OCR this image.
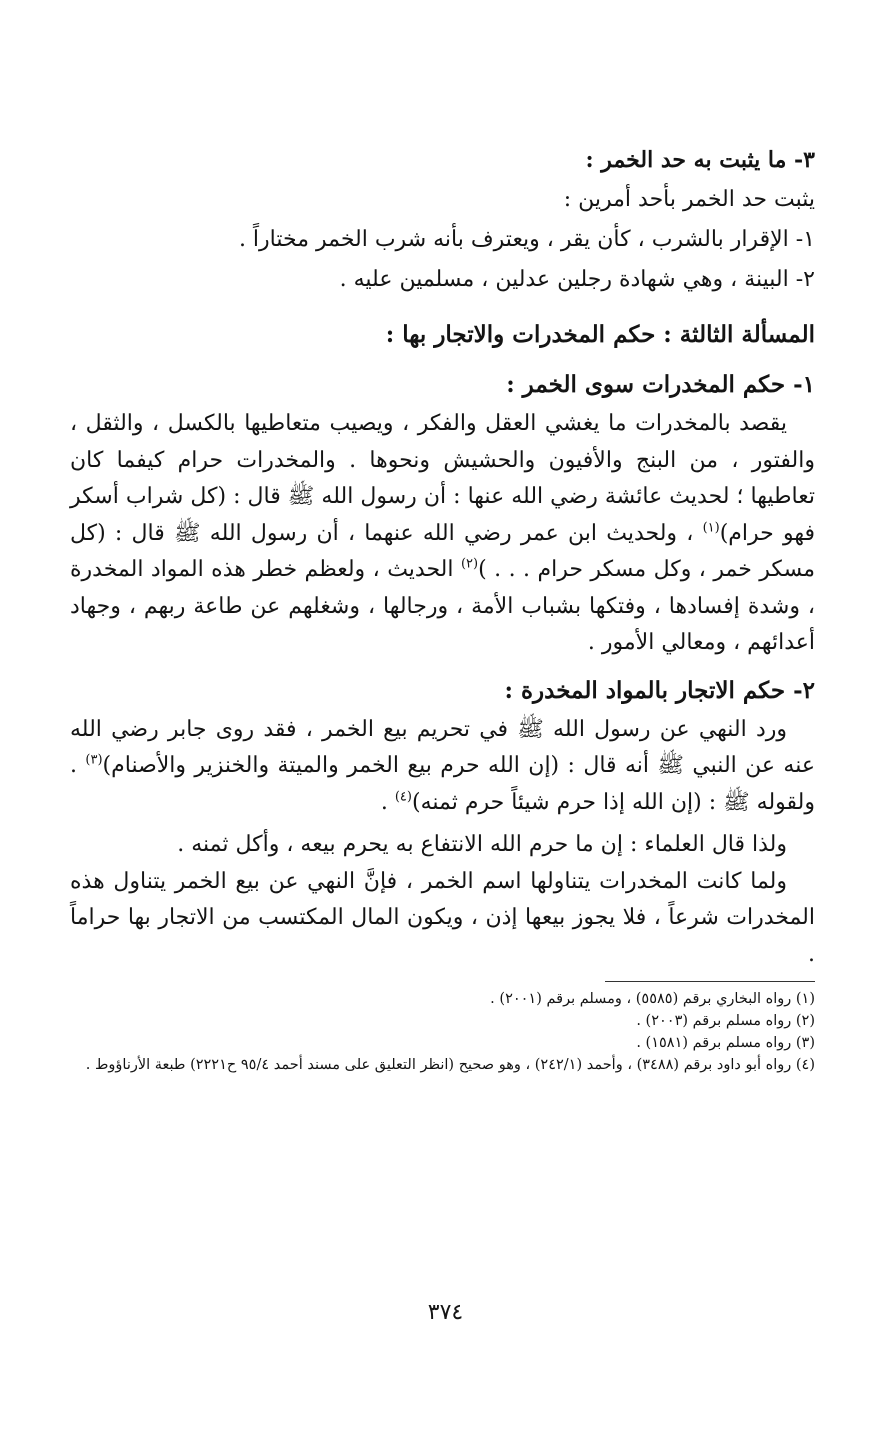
٣- ما يثبت به حد الخمر :
يثبت حد الخمر بأحد أمرين :
١- الإقرار بالشرب ، كأن يقر ، ويعترف بأنه شرب الخمر مختاراً .
٢- البينة ، وهي شهادة رجلين عدلين ، مسلمين عليه .
المسألة الثالثة : حكم المخدرات والاتجار بها :
١- حكم المخدرات سوى الخمر :
يقصد بالمخدرات ما يغشي العقل والفكر ، ويصيب متعاطيها بالكسل ، والثقل ، والفتور ، من البنج والأفيون والحشيش ونحوها . والمخدرات حرام كيفما كان تعاطيها ؛ لحديث عائشة رضي الله عنها : أن رسول الله ﷺ قال : (كل شراب أسكر فهو حرام)$^{(١)}$ ، ولحديث ابن عمر رضي الله عنهما ، أن رسول الله ﷺ قال : (كل مسكر خمر ، وكل مسكر حرام . . . )$^{(٢)}$ الحديث ، ولعظم خطر هذه المواد المخدرة ، وشدة إفسادها ، وفتكها بشباب الأمة ، ورجالها ، وشغلهم عن طاعة ربهم ، وجهاد أعدائهم ، ومعالي الأمور .
٢- حكم الاتجار بالمواد المخدرة :
ورد النهي عن رسول الله ﷺ في تحريم بيع الخمر ، فقد روى جابر رضي الله عنه عن النبي ﷺ أنه قال : (إن الله حرم بيع الخمر والميتة والخنزير والأصنام)$^{(٣)}$ . ولقوله ﷺ : (إن الله إذا حرم شيئاً حرم ثمنه)$^{(٤)}$ .
ولذا قال العلماء : إن ما حرم الله الانتفاع به يحرم بيعه ، وأكل ثمنه .
ولما كانت المخدرات يتناولها اسم الخمر ، فإنَّ النهي عن بيع الخمر يتناول هذه المخدرات شرعاً ، فلا يجوز بيعها إذن ، ويكون المال المكتسب من الاتجار بها حراماً .
(١) رواه البخاري برقم (٥٥٨٥) ، ومسلم برقم (٢٠٠١) .
(٢) رواه مسلم برقم (٢٠٠٣) .
(٣) رواه مسلم برقم (١٥٨١) .
(٤) رواه أبو داود برقم (٣٤٨٨) ، وأحمد (٢٤٢/١) ، وهو صحيح (انظر التعليق على مسند أحمد ٩٥/٤ ح٢٢٢١) طبعة الأرناؤوط .
٣٧٤
